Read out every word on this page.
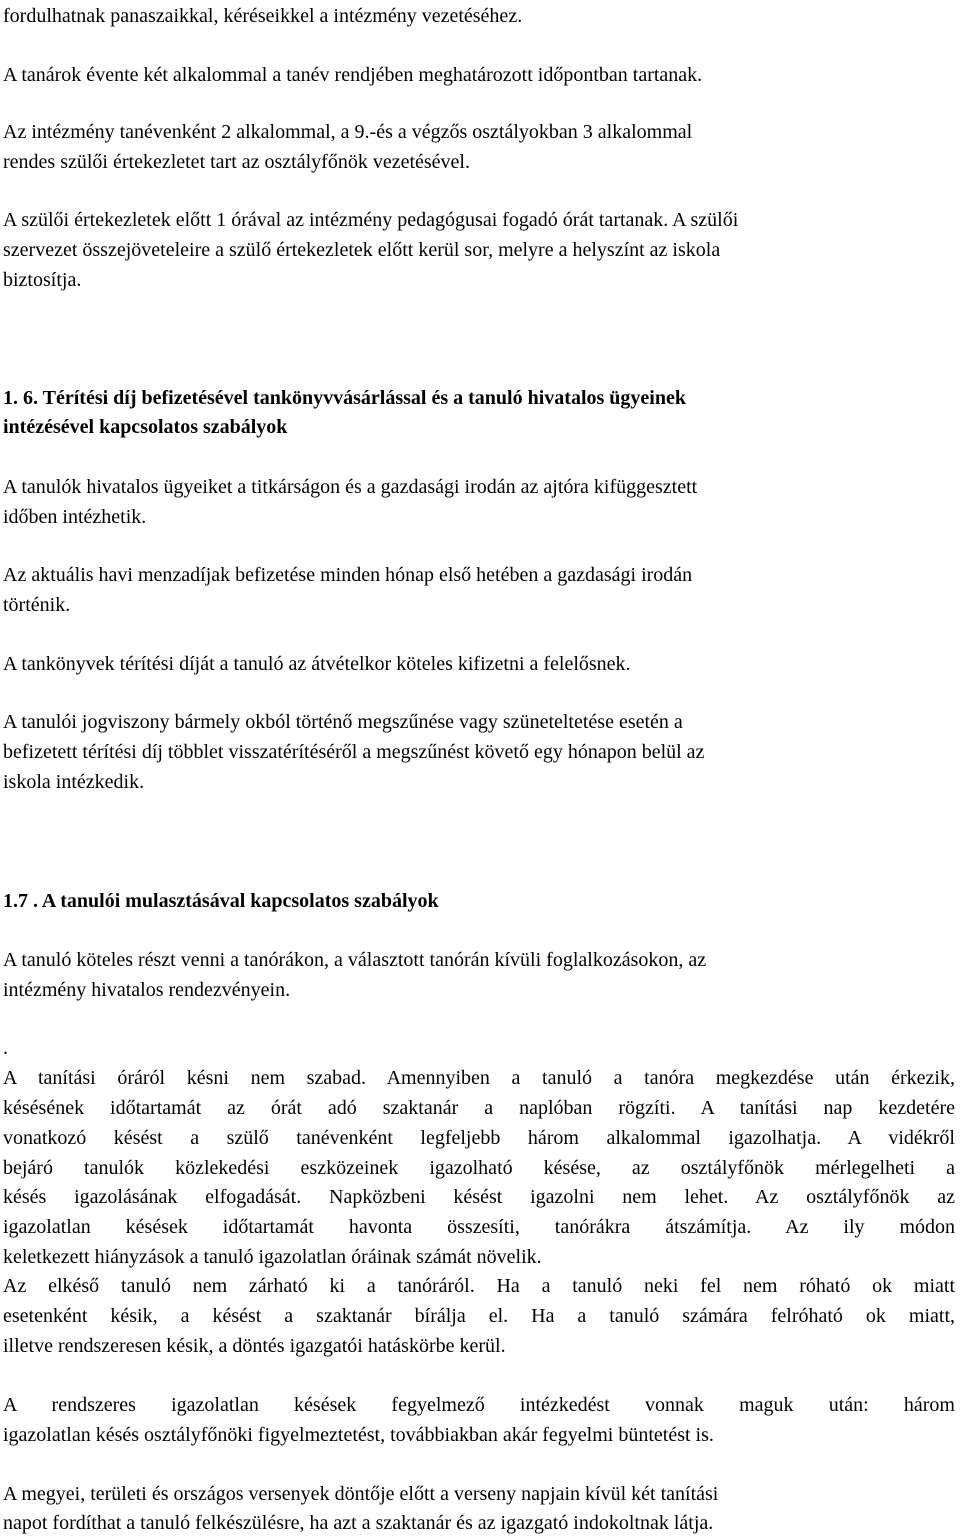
fordulhatnak panaszaikkal, kéréseikkel a intézmény vezetéséhez.
A tanárok évente két alkalommal a tanév rendjében meghatározott időpontban tartanak.
Az intézmény tanévenként 2 alkalommal, a 9.-és a végzős osztályokban 3 alkalommal
rendes szülői értekezletet tart az osztályfőnök vezetésével.
A szülői értekezletek előtt 1 órával az intézmény pedagógusai fogadó órát tartanak. A szülői
szervezet összejöveteleire a szülő értekezletek előtt kerül sor, melyre a helyszínt az iskola
biztosítja.
1. 6. Térítési díj befizetésével tankönyvvásárlással és a tanuló hivatalos ügyeinek
intézésével kapcsolatos szabályok
A tanulók hivatalos ügyeiket a titkárságon és a gazdasági irodán az ajtóra kifüggesztett
időben intézhetik.
Az aktuális havi menzadíjak befizetése minden hónap első hetében a gazdasági irodán
történik.
A tankönyvek térítési díját a tanuló az átvételkor köteles kifizetni a felelősnek.
A tanulói jogviszony bármely okból történő megszűnése vagy szüneteltetése esetén a
befizetett térítési díj többlet visszatérítéséről a megszűnést követő egy hónapon belül az
iskola intézkedik.
1.7 . A tanulói mulasztásával kapcsolatos szabályok
A tanuló köteles részt venni a tanórákon, a választott tanórán kívüli foglalkozásokon, az
intézmény hivatalos rendezvényein.
.
A tanítási óráról késni nem szabad. Amennyiben a tanuló a tanóra megkezdése után érkezik,
késésének időtartamát az órát adó szaktanár a naplóban rögzíti. A tanítási nap kezdetére
vonatkozó késést a szülő tanévenként legfeljebb három alkalommal igazolhatja. A vidékről
bejáró tanulók közlekedési eszközeinek igazolható késése, az osztályfőnök mérlegelheti a
késés igazolásának elfogadását. Napközbeni késést igazolni nem lehet. Az osztályfőnök az
igazolatlan késések időtartamát havonta összesíti, tanórákra átszámítja. Az ily módon
keletkezett hiányzások a tanuló igazolatlan óráinak számát növelik.
Az elkéső tanuló nem zárható ki a tanóráról. Ha a tanuló neki fel nem róható ok miatt
esetenként késik, a késést a szaktanár bírálja el. Ha a tanuló számára felróható ok miatt,
illetve rendszeresen késik, a döntés igazgatói hatáskörbe kerül.
A rendszeres igazolatlan késések fegyelmező intézkedést vonnak maguk után: három
igazolatlan késés osztályfőnöki figyelmeztetést, továbbiakban akár fegyelmi büntetést is.
A megyei, területi és országos versenyek döntője előtt a verseny napjain kívül két tanítási
napot fordíthat a tanuló felkészülésre, ha azt a szaktanár és az igazgató indokoltnak látja.
